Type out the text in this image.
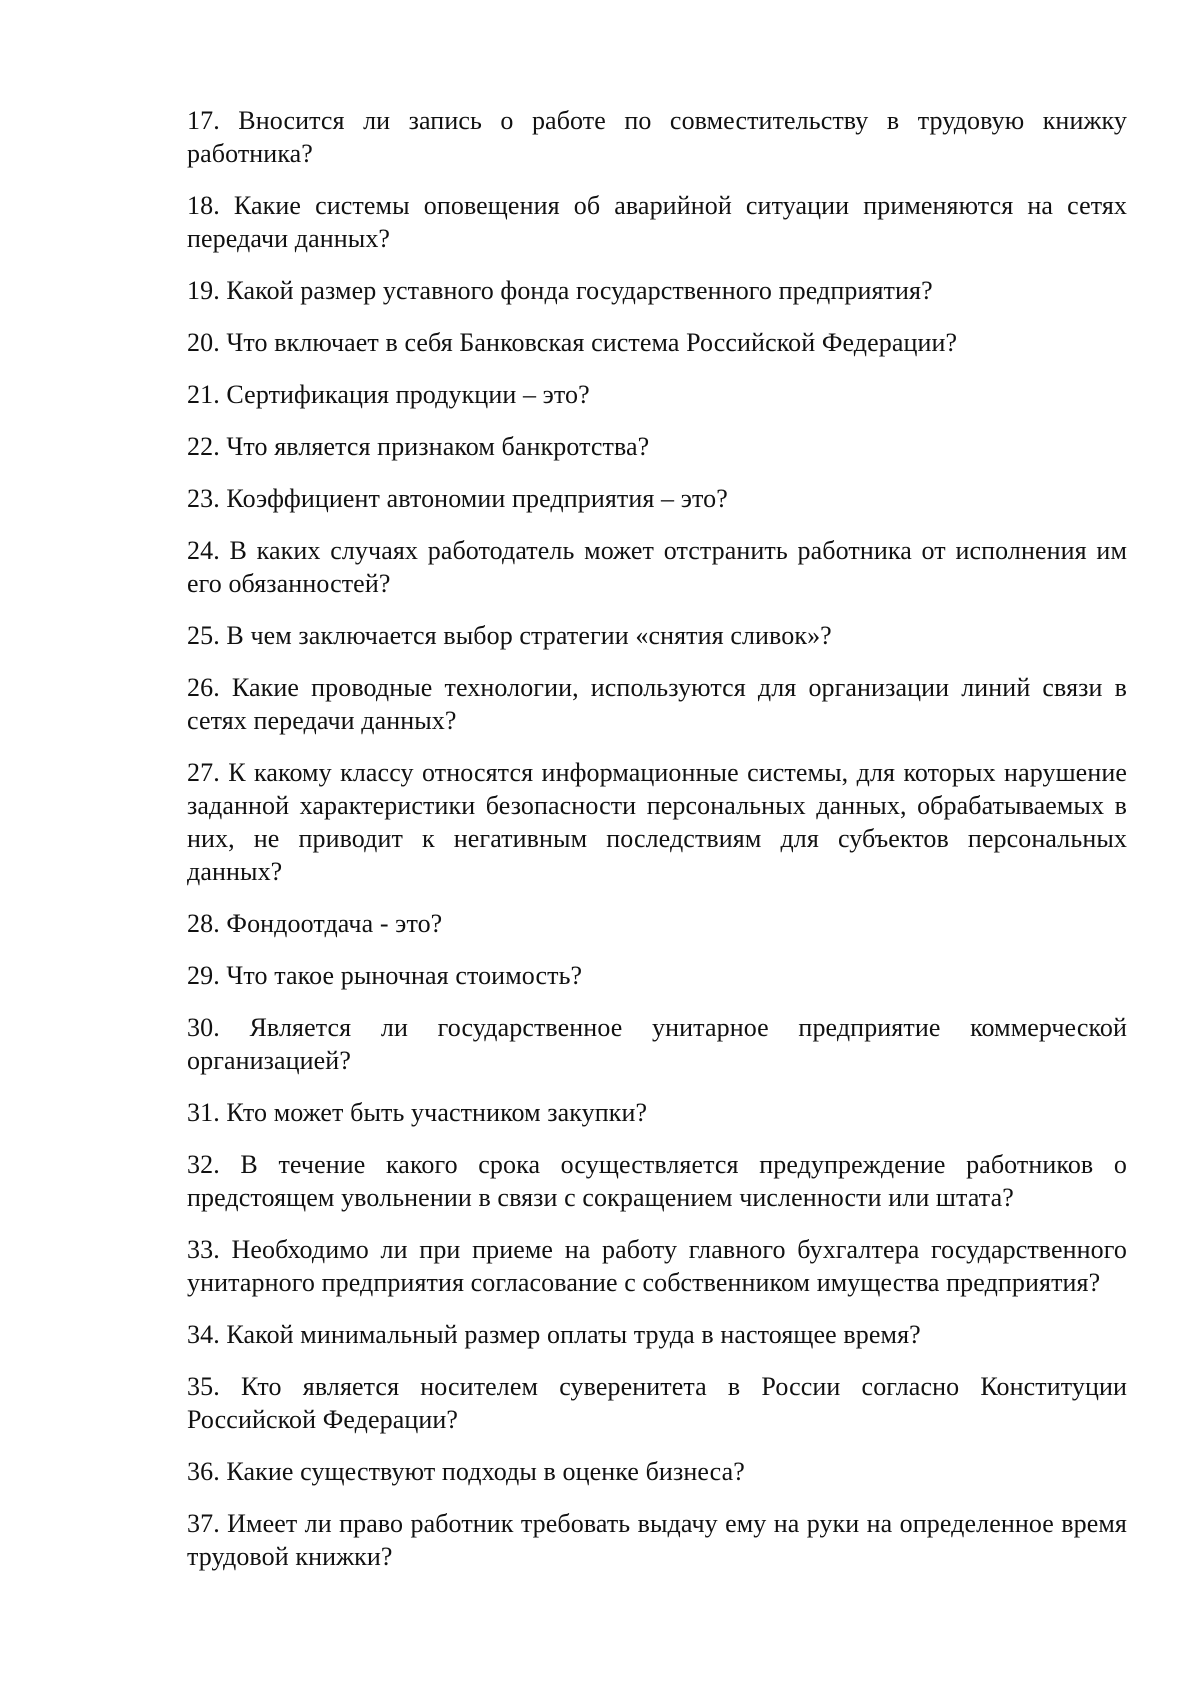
17. Вносится ли запись о работе по совместительству в трудовую книжку работника?

18. Какие системы оповещения об аварийной ситуации применяются на сетях передачи данных?

19. Какой размер уставного фонда государственного предприятия?

20. Что включает в себя Банковская система Российской Федерации?

21. Сертификация продукции – это?

22. Что является признаком банкротства?

23. Коэффициент автономии предприятия – это?

24. В каких случаях работодатель может отстранить работника от исполнения им его обязанностей?

25. В чем заключается выбор стратегии «снятия сливок»?

26. Какие проводные технологии, используются для организации линий связи в сетях передачи данных?

27. К какому классу относятся информационные системы, для которых нарушение заданной характеристики безопасности персональных данных, обрабатываемых в них, не приводит к негативным последствиям для субъектов персональных данных?

28. Фондоотдача - это?

29. Что такое рыночная стоимость?

30. Является ли государственное унитарное предприятие коммерческой организацией?

31. Кто может быть участником закупки?

32. В течение какого срока осуществляется предупреждение работников о предстоящем увольнении в связи с сокращением численности или штата?

33. Необходимо ли при приеме на работу главного бухгалтера государственного унитарного предприятия согласование с собственником имущества предприятия?

34. Какой минимальный размер оплаты труда в настоящее время?

35. Кто является носителем суверенитета в России согласно Конституции Российской Федерации?

36. Какие существуют подходы в оценке бизнеса?

37. Имеет ли право работник требовать выдачу ему на руки на определенное время трудовой книжки?
